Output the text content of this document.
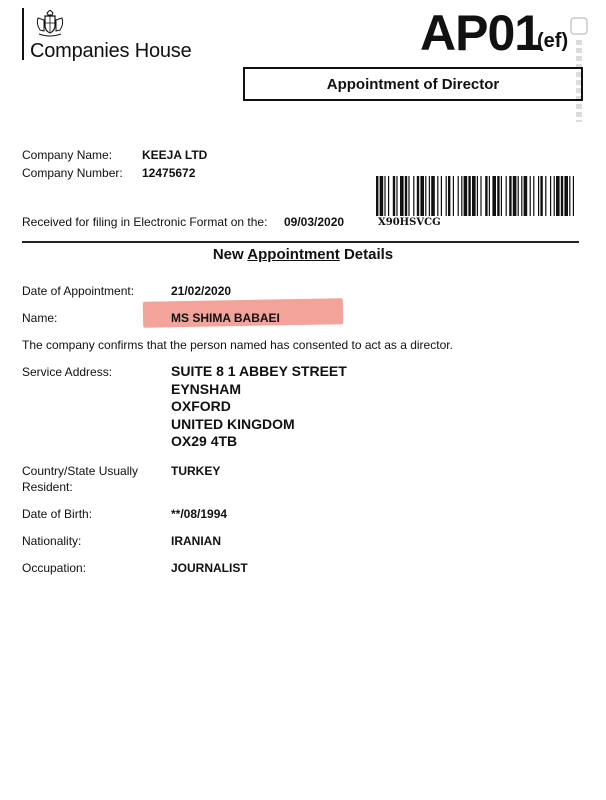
Companies House	AP01
(ef)
Appointment of Director
Company Name: KEEJA LTD
Company Number: 12475672
Received for filing in Electronic Format on the: 09/03/2020	X90HSVCG
New Appointment Details
Date of Appointment:	21/02/2020
Name:	MS SHIMA BABAEI
The company confirms that the person named has consented to act as a director.
Service Address:	SUITE 8 1 ABBEY STREET
EYNSHAM
OXFORD
UNITED KINGDOM
OX29 4TB
Country/State Usually
Resident:
TURKEY
Date of Birth:	**/08/1994
Nationality:	IRANIAN
Occupation:	JOURNALIST
